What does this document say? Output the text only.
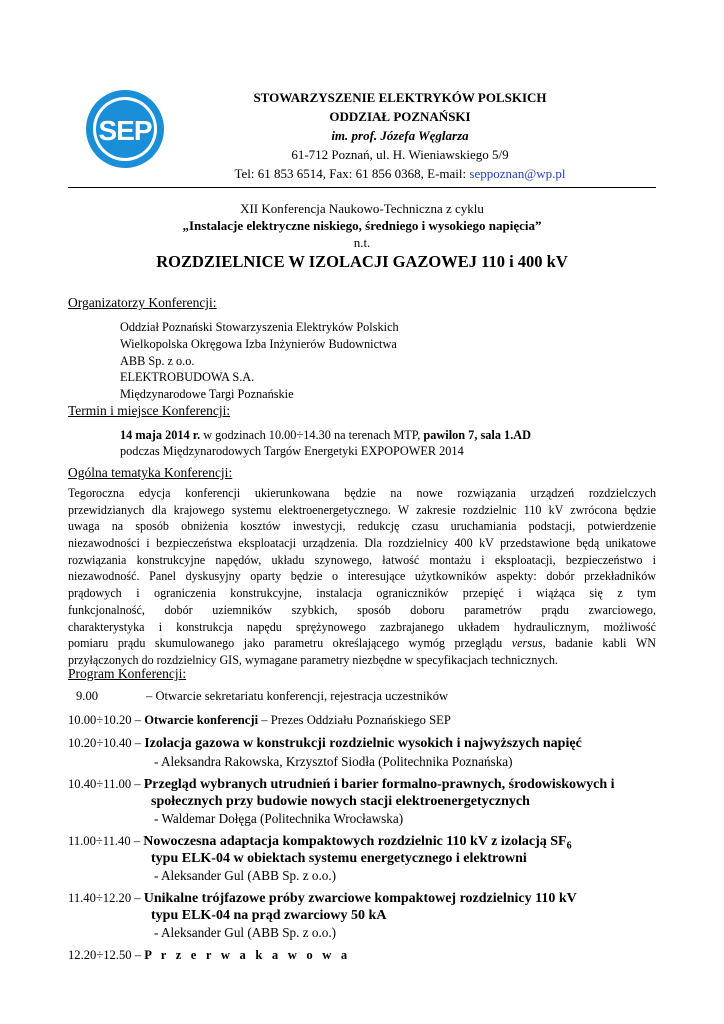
SEP
STOWARZYSZENIE ELEKTRYKÓW POLSKICH
ODDZIAŁ POZNAŃSKI
im. prof. Józefa Węglarza
61-712 Poznań, ul. H. Wieniawskiego 5/9
Tel: 61 853 6514, Fax: 61 856 0368, E-mail: seppoznan@wp.pl
XII Konferencja Naukowo-Techniczna z cyklu
„Instalacje elektryczne niskiego, średniego i wysokiego napięcia”
n.t.
ROZDZIELNICE W IZOLACJI GAZOWEJ 110 i 400 kV
Organizatorzy Konferencji:
Oddział Poznański Stowarzyszenia Elektryków Polskich
Wielkopolska Okręgowa Izba Inżynierów Budownictwa
ABB Sp. z o.o.
ELEKTROBUDOWA S.A.
Międzynarodowe Targi Poznańskie
Termin i miejsce Konferencji:
14 maja 2014 r. w godzinach 10.00÷14.30 na terenach MTP, pawilon 7, sala 1.AD
podczas Międzynarodowych Targów Energetyki EXPOPOWER 2014
Ogólna tematyka Konferencji:
Tegoroczna edycja konferencji ukierunkowana będzie na nowe rozwiązania urządzeń rozdzielczych
przewidzianych dla krajowego systemu elektroenergetycznego. W zakresie rozdzielnic 110 kV zwrócona będzie
uwaga na sposób obniżenia kosztów inwestycji, redukcję czasu uruchamiania podstacji, potwierdzenie
niezawodności i bezpieczeństwa eksploatacji urządzenia. Dla rozdzielnicy 400 kV przedstawione będą unikatowe
rozwiązania konstrukcyjne napędów, układu szynowego, łatwość montażu i eksploatacji, bezpieczeństwo i
niezawodność. Panel dyskusyjny oparty będzie o interesujące użytkowników aspekty: dobór przekładników
prądowych i ograniczenia konstrukcyjne, instalacja ograniczników przepięć i wiążąca się z tym
funkcjonalność, dobór uziemników szybkich, sposób doboru parametrów prądu zwarciowego,
charakterystyka i konstrukcja napędu sprężynowego zazbrajanego układem hydraulicznym, możliwość
pomiaru prądu skumulowanego jako parametru określającego wymóg przeglądu versus, badanie kabli WN
przyłączonych do rozdzielnicy GIS, wymagane parametry niezbędne w specyfikacjach technicznych.
Program Konferencji:
9.00	– Otwarcie sekretariatu konferencji, rejestracja uczestników
10.00÷10.20 – Otwarcie konferencji – Prezes Oddziału Poznańskiego SEP
10.20÷10.40 – Izolacja gazowa w konstrukcji rozdzielnic wysokich i najwyższych napięć
- Aleksandra Rakowska, Krzysztof Siodła (Politechnika Poznańska)
10.40÷11.00 – Przegląd wybranych utrudnień i barier formalno-prawnych, środowiskowych i
społecznych przy budowie nowych stacji elektroenergetycznych
- Waldemar Dołęga (Politechnika Wrocławska)
11.00÷11.40 – Nowoczesna adaptacja kompaktowych rozdzielnic 110 kV z izolacją $SF_6$
typu ELK-04 w obiektach systemu energetycznego i elektrowni
- Aleksander Gul (ABB Sp. z o.o.)
11.40÷12.20 – Unikalne trójfazowe próby zwarciowe kompaktowej rozdzielnicy 110 kV
typu ELK-04 na prąd zwarciowy 50 kA
- Aleksander Gul (ABB Sp. z o.o.)
12.20÷12.50 – P r z e r w a k a w o w a
